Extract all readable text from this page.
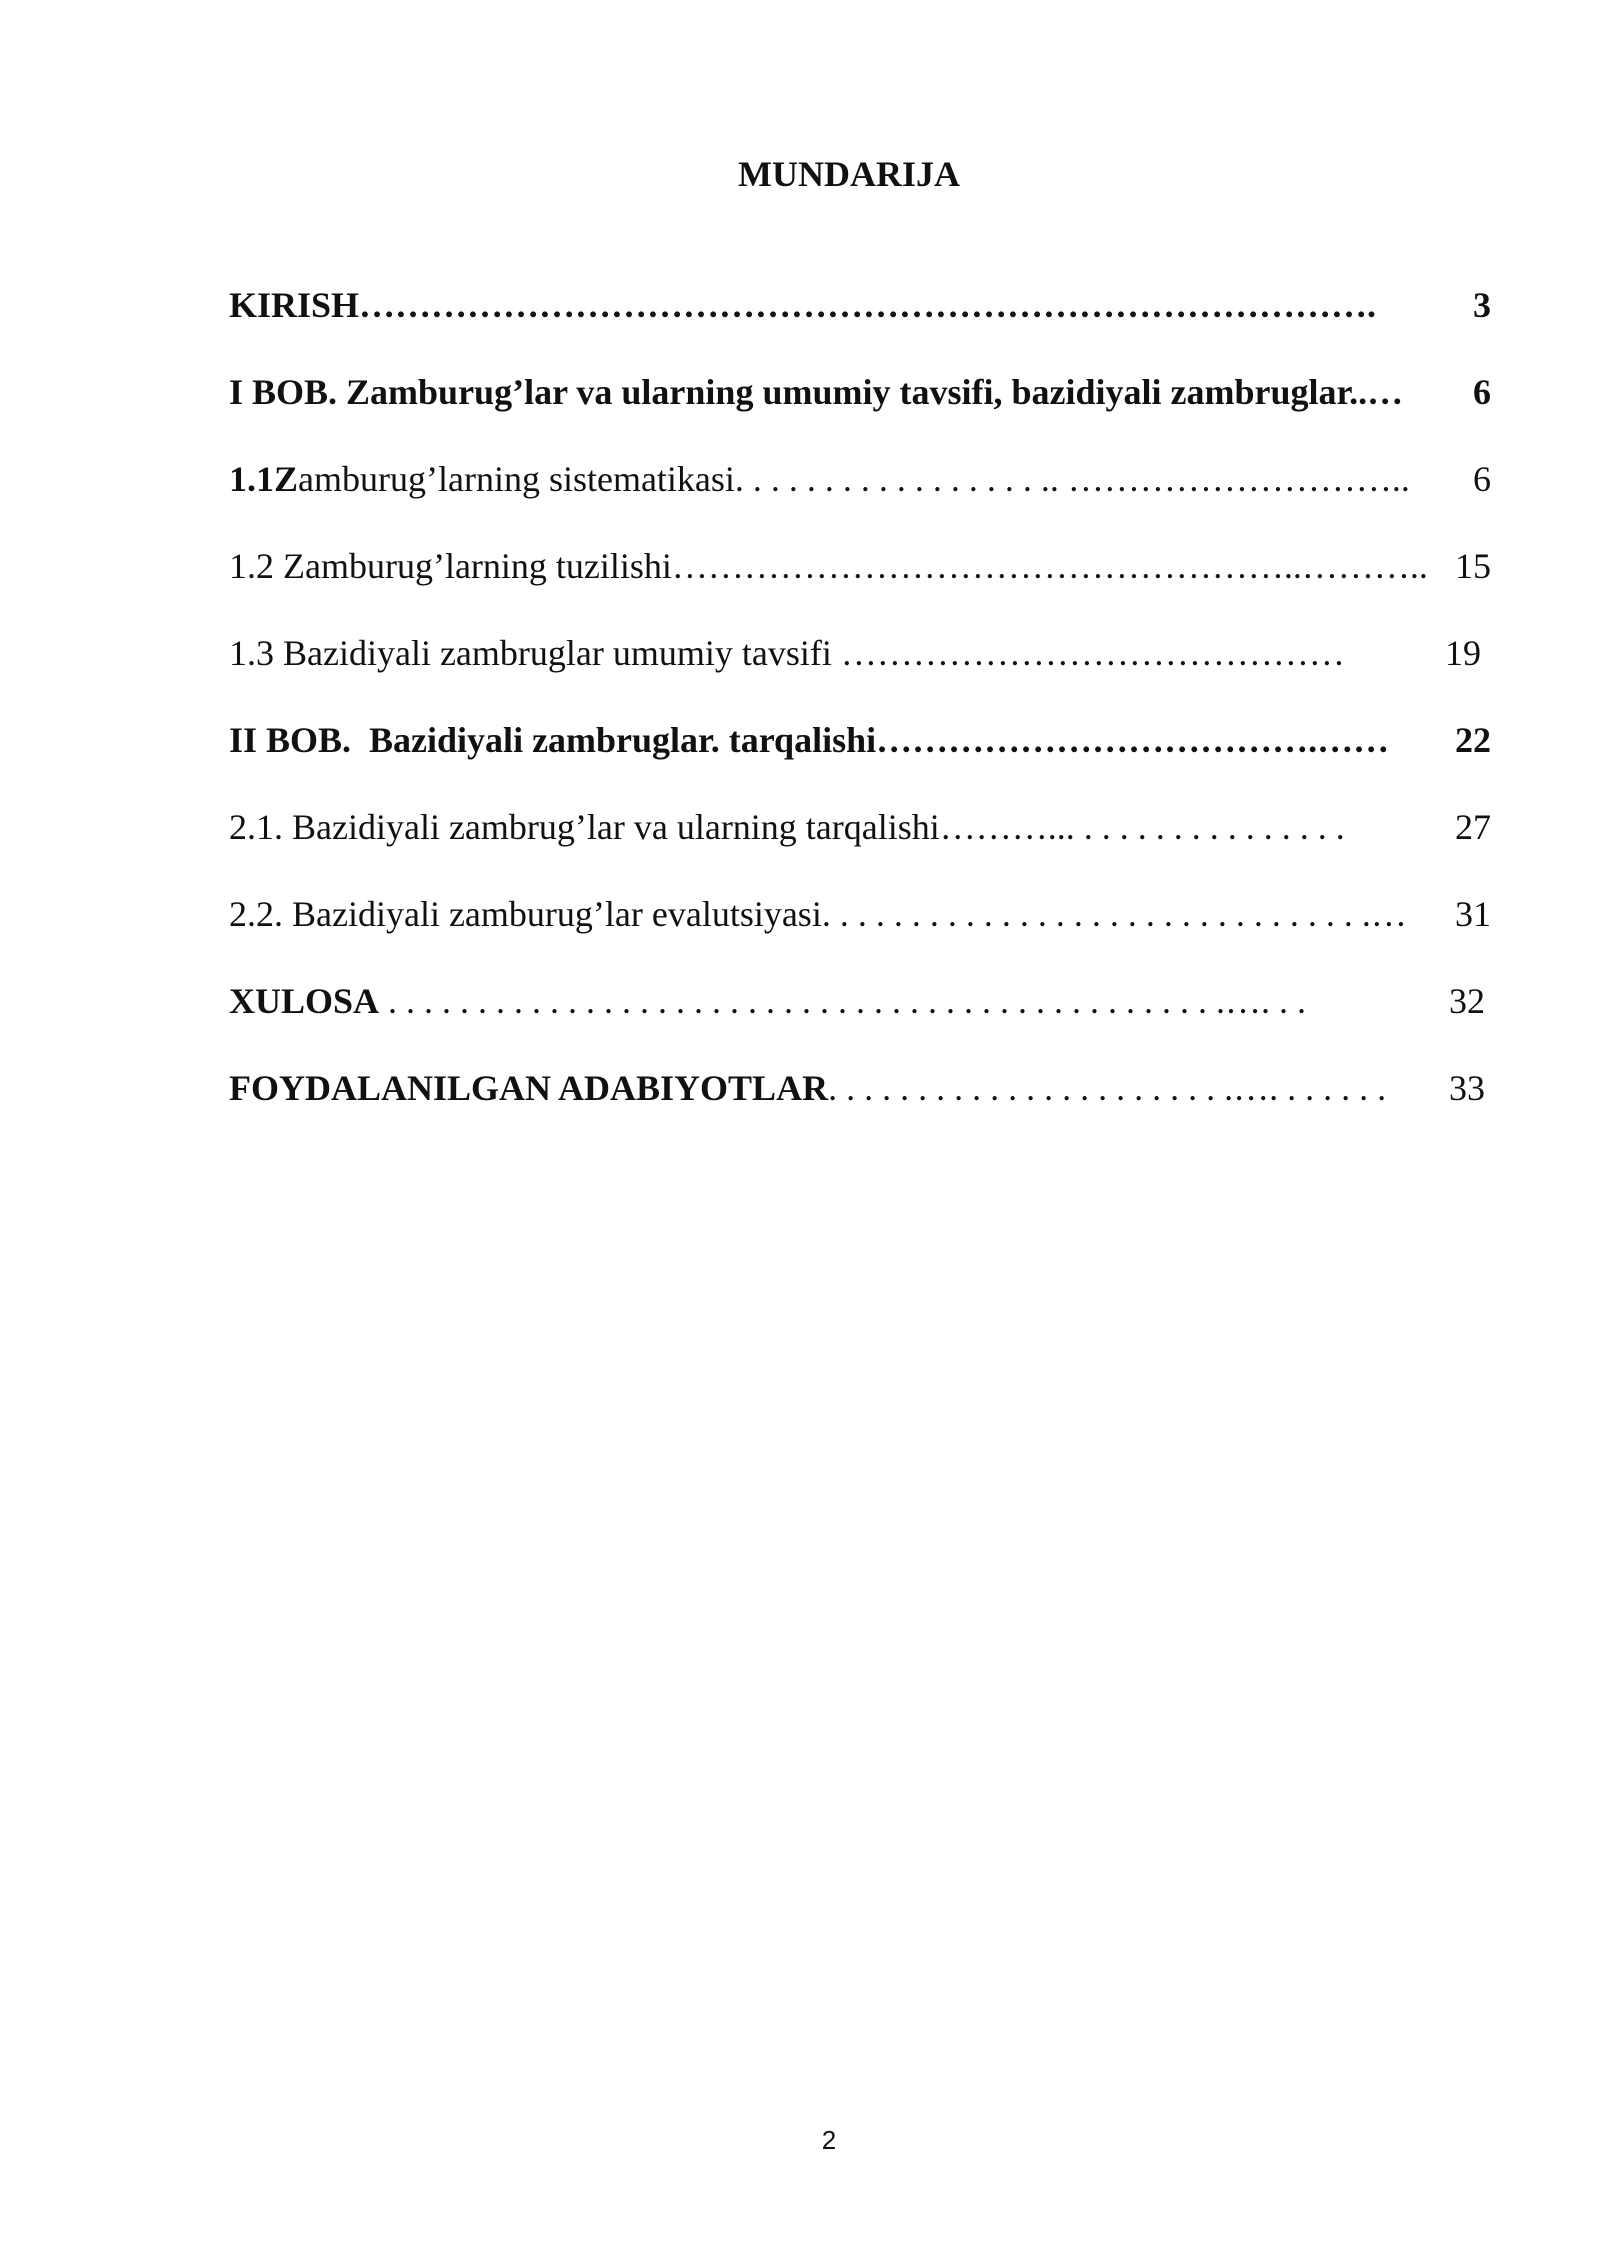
MUNDARIJA
KIRISH ………………………………………………………………………….	3
I BOB. Zamburug’lar va ularning umumiy tavsifi, bazidiyali zambruglar.. …	6
1.1Z amburug’larning sistematikasi. . . . . . . . . . . . . . . . . .. ………………………..	6
1.2 Zamburug’larning tuzilishi ……………………………………………..……….. 15
1.3 Bazidiyali zambruglar umumiy tavsifi ……………………………………	19
II BOB.  Bazidiyali zambruglar. tarqalishi ……………………………….……	22
2.1. Bazidiyali zambrug’lar va ularning tarqalishi ………... . . . . . . . . . . . . . . .	27
2.2. Bazidiyali zamburug’lar evalutsiyasi. . . . . . . . . . . . . . . . . . . . . . . . . . . . . . .…	31
XULOSA . . . . . . . . . . . . . . . . . . . . . . . . . . . . . . . . . . . . . . . . . . . . . . .…. . .	32
FOYDALANILGAN ADABIYOTLAR . . . . . . . . . . . . . . . . . . . . . . .…. . . . . . .	33
2
